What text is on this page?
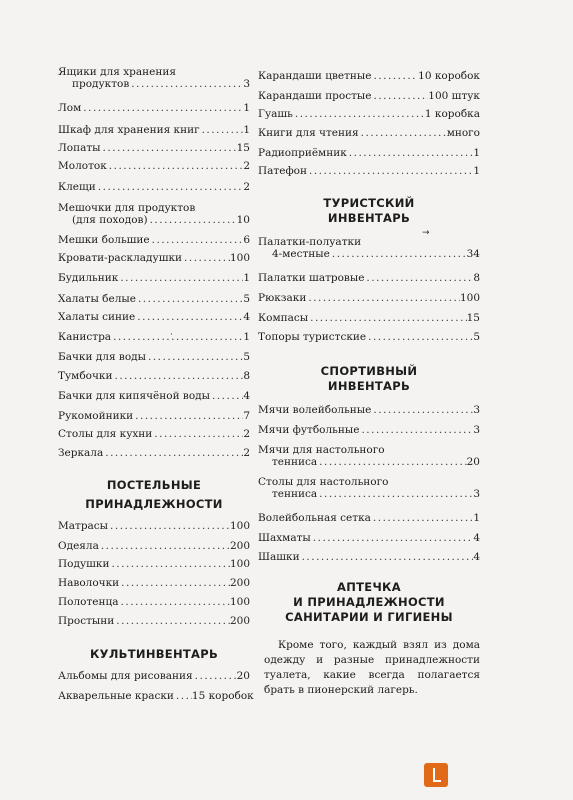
Ящики для хранения
продуктов .....	3
Лом .....	1
Шкаф для хранения книг .....	1
Лопаты .....	15
Молоток .....	2
Клещи .....	2
Мешочки для продуктов
(для походов) .....	10
Мешки большие .....	6
Кровати-раскладушки .....	100
Будильник .....	1
Халаты белые .....	5
Халаты синие .....	4
Канистра .....	1
Бачки для воды .....	5
Тумбочки .....	8
Бачки для кипячёной воды .....	4
Рукомойники .....	7
Столы для кухни .....	2
Зеркала .....	2
ПОСТЕЛЬНЫЕ
ПРИНАДЛЕЖНОСТИ
Матрасы .....	100
Одеяла .....	200
Подушки .....	100
Наволочки .....	200
Полотенца .....	100
Простыни .....	200
КУЛЬТИНВЕНТАРЬ
Альбомы для рисования .....	20
Акварельные краски ..... 15 коробок
Карандаши цветные .....	10 коробок
Карандаши простые .....	100 штук
Гуашь .....	1 коробка
Книги для чтения .....	много
Радиоприёмник .....	1
Патефон .....	1
ТУРИСТСКИЙ
ИНВЕНТАРЬ
Палатки-полуатки
4-местные .....	34
Палатки шатровые .....	8
Рюкзаки .....	100
Компасы .....	15
Топоры туристские .....	5
СПОРТИВНЫЙ
ИНВЕНТАРЬ
Мячи волейбольные .....	3
Мячи футбольные .....	3
Мячи для настольного
тенниса .....	20
Столы для настольного
тенниса .....	3
Волейбольная сетка .....	1
Шахматы .....	4
Шашки .....	4
АПТЕЧКА
И ПРИНАДЛЕЖНОСТИ
САНИТАРИИ И ГИГИЕНЫ

Кроме того, каждый взял из дома одежду и разные принадлежности туалета, какие всегда полагается брать в пионерский лагерь.

→
·
